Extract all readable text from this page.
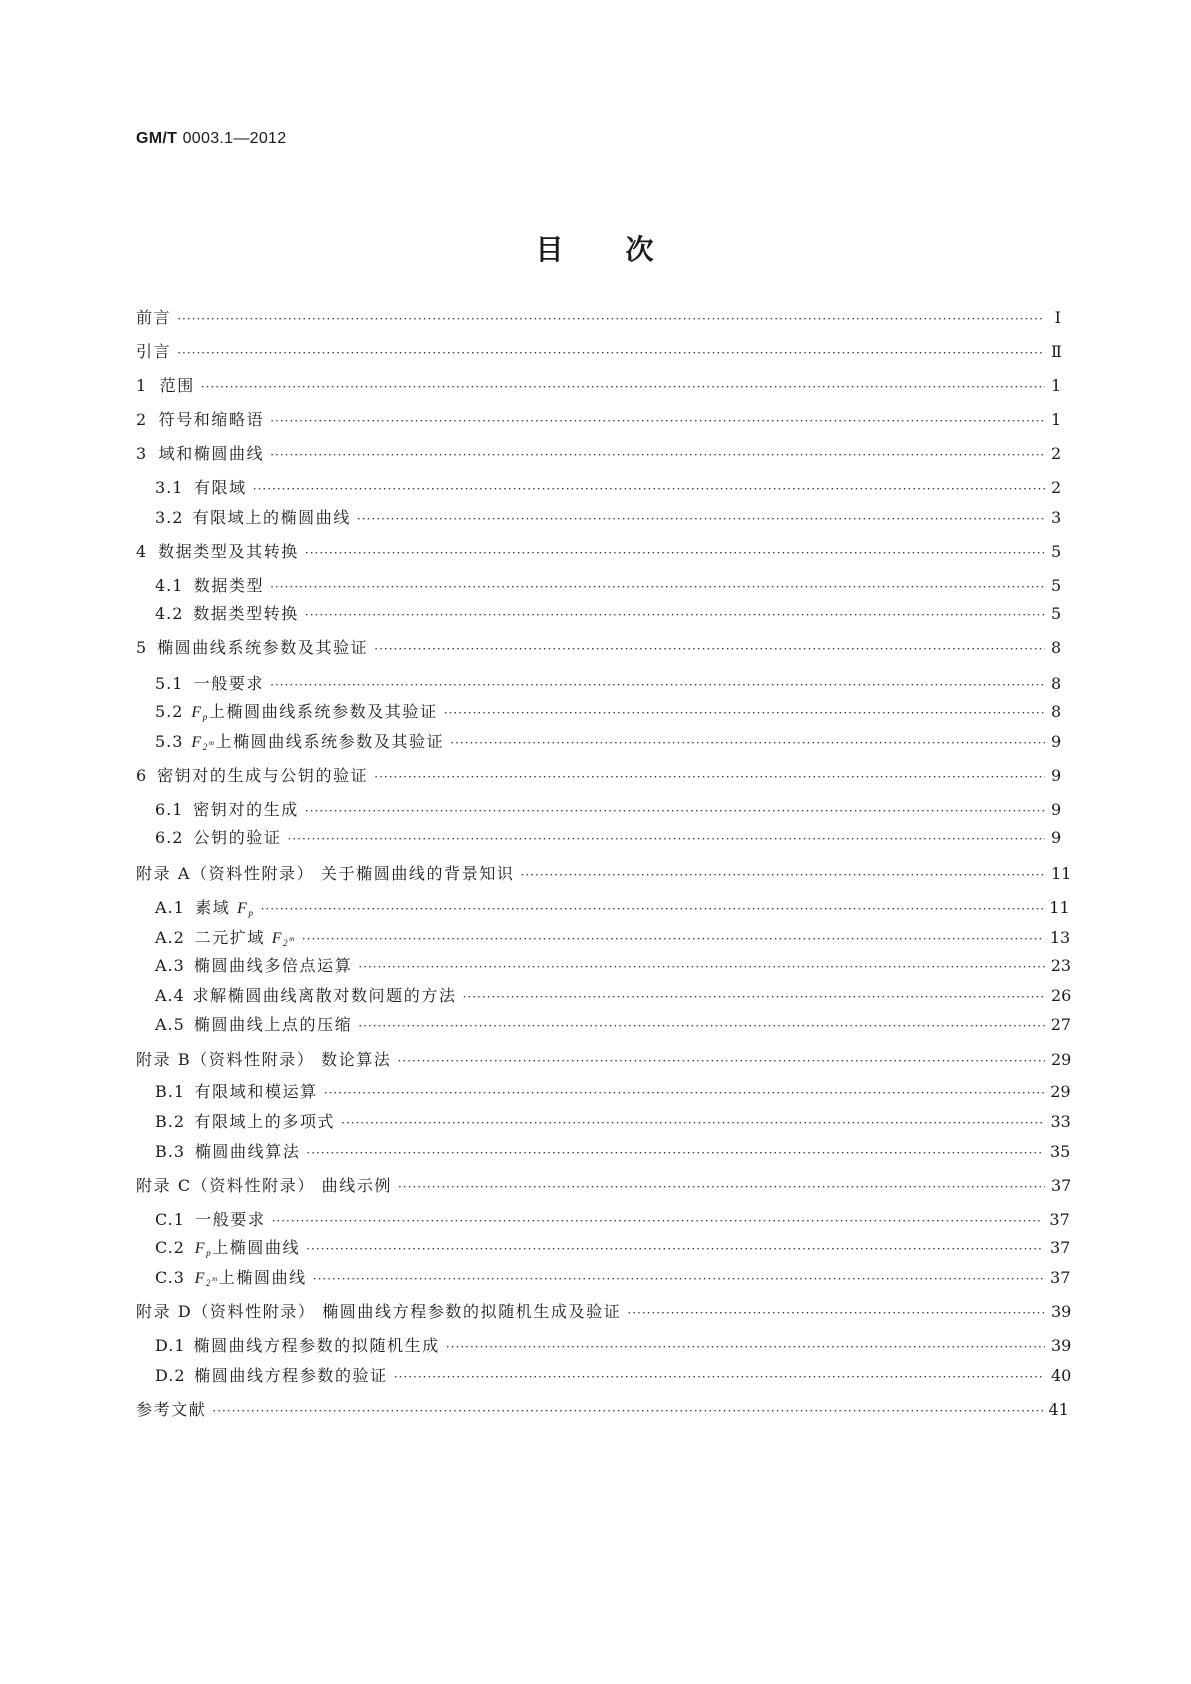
GM/T 0003.1—2012
目 次
前言 ·····	Ⅰ
引言 ·····	Ⅱ
1 范围 ·····	1
2 符号和缩略语 ·····	1
3 域和椭圆曲线 ·····	2
3.1 有限域 ·····	2
3.2 有限域上的椭圆曲线 ·····	3
4 数据类型及其转换 ·····	5
4.1 数据类型 ·····	5
4.2 数据类型转换 ·····	5
5 椭圆曲线系统参数及其验证 ·····	8
5.1 一般要求 ·····	8
5.2 $F_p$上椭圆曲线系统参数及其验证 ·····	8
5.3 $F_{2^m}$上椭圆曲线系统参数及其验证 ·····	9
6 密钥对的生成与公钥的验证 ·····	9
6.1 密钥对的生成 ·····	9
6.2 公钥的验证 ·····	9
附录 A（资料性附录） 关于椭圆曲线的背景知识 ·····	11
A.1 素域 $F_p$ ·····	11
A.2 二元扩域 $F_{2^m}$ ·····	13
A.3 椭圆曲线多倍点运算 ·····	23
A.4 求解椭圆曲线离散对数问题的方法 ·····	26
A.5 椭圆曲线上点的压缩 ·····	27
附录 B（资料性附录） 数论算法 ·····	29
B.1 有限域和模运算 ·····	29
B.2 有限域上的多项式 ·····	33
B.3 椭圆曲线算法 ·····	35
附录 C（资料性附录） 曲线示例 ·····	37
C.1 一般要求 ·····	37
C.2 $F_p$上椭圆曲线 ·····	37
C.3 $F_{2^m}$上椭圆曲线 ·····	37
附录 D（资料性附录） 椭圆曲线方程参数的拟随机生成及验证 ·····	39
D.1 椭圆曲线方程参数的拟随机生成 ·····	39
D.2 椭圆曲线方程参数的验证 ·····	40
参考文献 ·····	41
